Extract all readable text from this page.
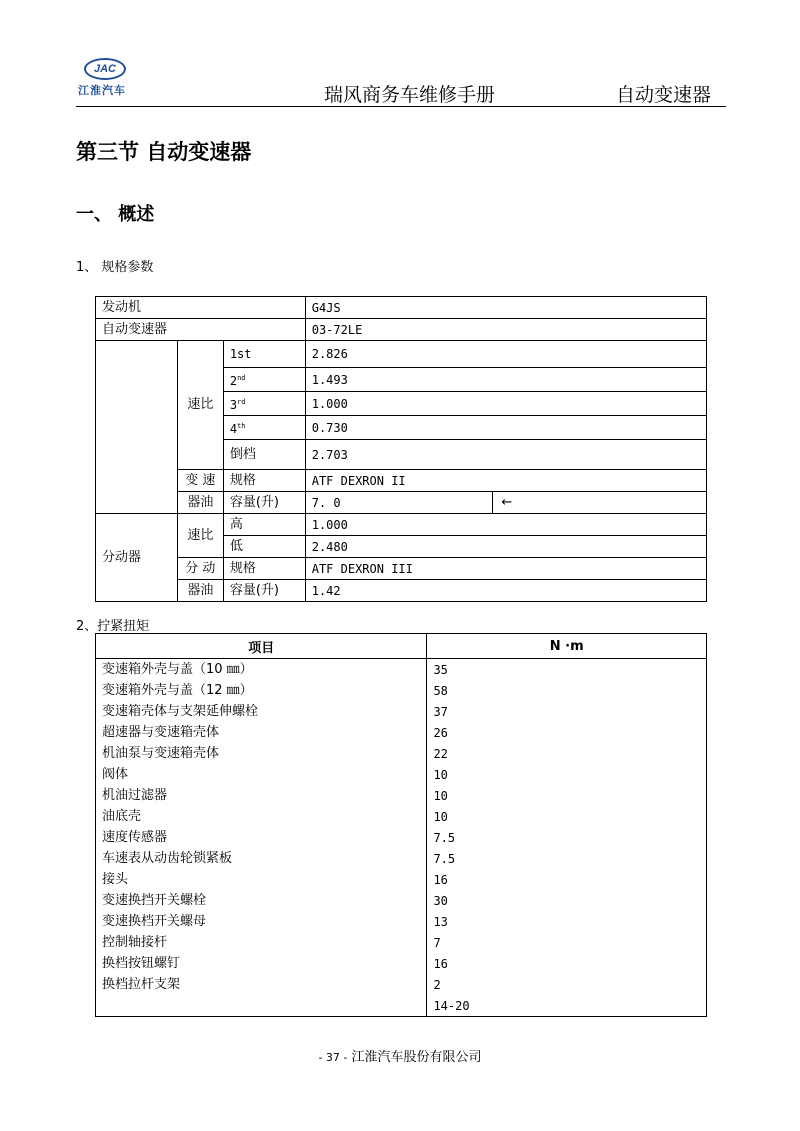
JAC
江淮汽车	瑞风商务车维修手册	自动变速器
第三节 自动变速器
一、 概述
1、 规格参数
发动机			G4JS	
自动变速器			03-72LE	
	速比	1st	2.826	
		2nd	1.493	
		3rd	1.000	
		4th	0.730	
		倒档	2.703	
	变 速	规格	ATF DEXRON II	
	器油	容量(升)	7. 0	←
分动器	速比	高	1.000	
		低	2.480	
	分 动	规格	ATF DEXRON III	
	器油	容量(升)	1.42	
2、拧紧扭矩
项目	N ·m
变速箱外壳与盖（10 ㎜）	35
变速箱外壳与盖（12 ㎜）	58
变速箱壳体与支架延伸螺栓	37
超速器与变速箱壳体	26
机油泵与变速箱壳体	22
阀体	10
机油过滤器	10
油底壳	10
速度传感器	7.5
车速表从动齿轮锁紧板	7.5
接头	16
变速换挡开关螺栓	30
变速换档开关螺母	13
控制轴接杆	7
换档按钮螺钉	16
换档拉杆支架	2
	14-20
- 37 - 江淮汽车股份有限公司
